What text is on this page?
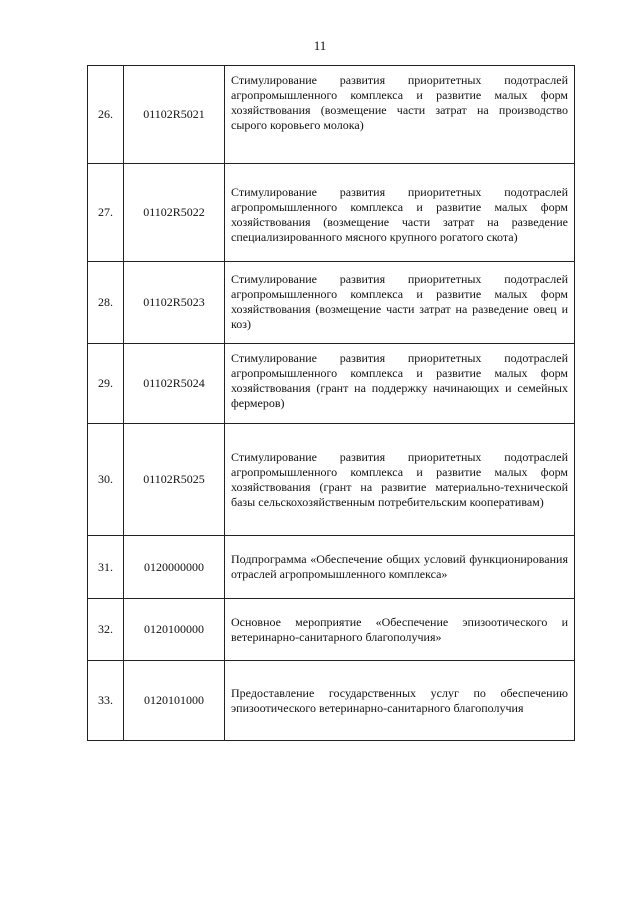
11
26.	01102R5021	Стимулирование развития приоритетных подотраслей агропромышленного комплекса и развитие малых форм хозяйствования (возмещение части затрат на производство сырого коровьего молока)

27.	01102R5022	Стимулирование развития приоритетных подотраслей агропромышленного комплекса и развитие малых форм хозяйствования (возмещение части затрат на разведение специализированного мясного крупного рогатого скота)

28.	01102R5023	Стимулирование развития приоритетных подотраслей агропромышленного комплекса и развитие малых форм хозяйствования (возмещение части затрат на разведение овец и коз)

29.	01102R5024	Стимулирование развития приоритетных подотраслей агропромышленного комплекса и развитие малых форм хозяйствования (грант на поддержку начинающих и семейных фермеров)

30.	01102R5025	Стимулирование развития приоритетных подотраслей агропромышленного комплекса и развитие малых форм хозяйствования (грант на развитие материально-технической базы сельскохозяйственным потребительским кооперативам)

31.	0120000000	Подпрограмма «Обеспечение общих условий функционирования отраслей агропромышленного комплекса»

32.	0120100000	Основное мероприятие «Обеспечение эпизоотического и ветеринарно-санитарного благополучия»

33.	0120101000	Предоставление государственных услуг по обеспечению эпизоотического ветеринарно-санитарного благополучия
